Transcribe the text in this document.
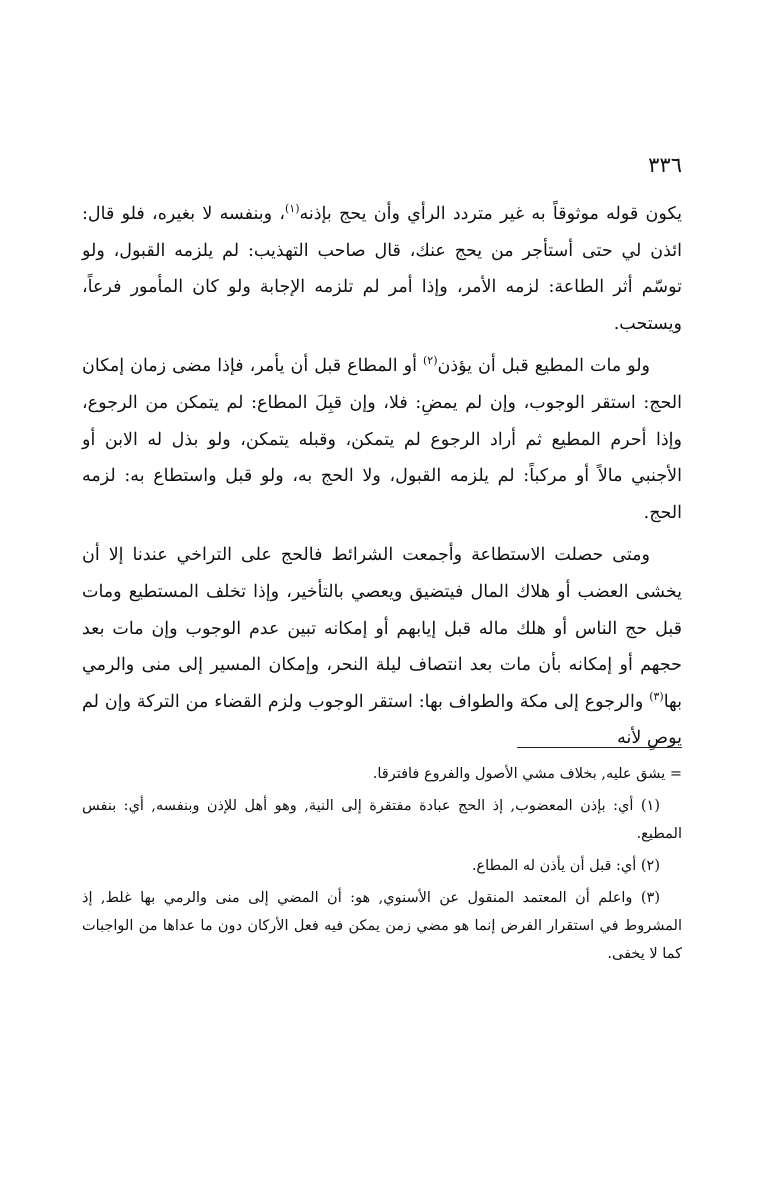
٣٣٦

يكون قوله موثوقاً به غير متردد الرأي وأن يحج بإذنه$^{(١)}$، وبنفسه لا بغيره، فلو قال: ائذن لي حتى أستأجر من يحج عنك، قال صاحب التهذيب: لم يلزمه القبول، ولو توسّم أثر الطاعة: لزمه الأمر، وإذا أمر لم تلزمه الإجابة ولو كان المأمور فرعاً، ويستحب.

ولو مات المطيع قبل أن يؤذن$^{(٢)}$ أو المطاع قبل أن يأمر، فإذا مضى زمان إمكان الحج: استقر الوجوب، وإن لم يمضِ: فلا، وإن قبِلَ المطاع: لم يتمكن من الرجوع، وإذا أحرم المطيع ثم أراد الرجوع لم يتمكن، وقبله يتمكن، ولو بذل له الابن أو الأجنبي مالاً أو مركباً: لم يلزمه القبول، ولا الحج به، ولو قبل واستطاع به: لزمه الحج.

ومتى حصلت الاستطاعة وأجمعت الشرائط فالحج على التراخي عندنا إلا أن يخشى العضب أو هلاك المال فيتضيق ويعصي بالتأخير، وإذا تخلف المستطيع ومات قبل حج الناس أو هلك ماله قبل إيابهم أو إمكانه تبين عدم الوجوب وإن مات بعد حجهم أو إمكانه بأن مات بعد انتصاف ليلة النحر، وإمكان المسير إلى منى والرمي بها$^{(٣)}$ والرجوع إلى مكة والطواف بها: استقر الوجوب ولزم القضاء من التركة وإن لم يوصِ لأنه

= يشق عليه, بخلاف مشي الأصول والفروع فافترقا.

(١) أي: بإذن المعضوب, إذ الحج عبادة مفتقرة إلى النية, وهو أهل للإذن وبنفسه, أي: بنفس المطيع.

(٢) أي: قبل أن يأذن له المطاع.

(٣) واعلم أن المعتمد المنقول عن الأسنوي, هو: أن المضي إلى منى والرمي بها غلط, إذ المشروط في استقرار الفرض إنما هو مضي زمن يمكن فيه فعل الأركان دون ما عداها من الواجبات كما لا يخفى.
